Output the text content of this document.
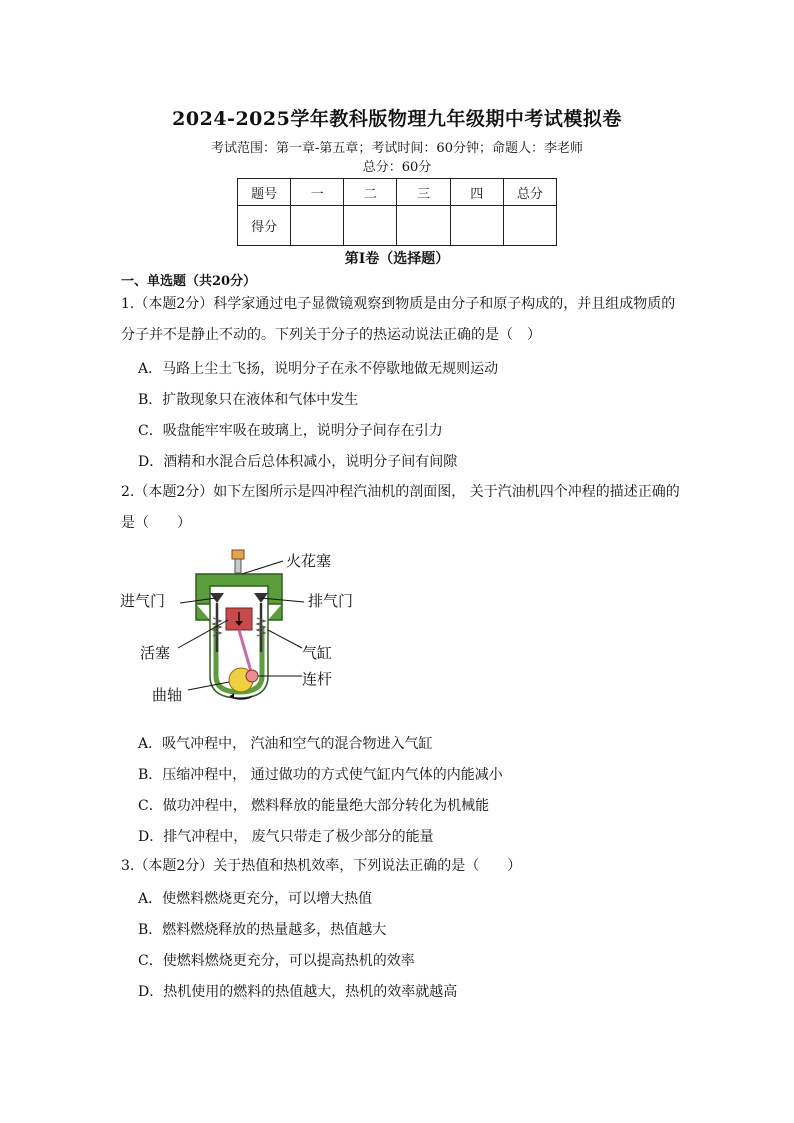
2024-2025学年教科版物理九年级期中考试模拟卷
考试范围：第一章-第五章；考试时间：60分钟；命题人：李老师
总分：60分
题号	一	二	三	四	总分
得分					
第Ⅰ卷（选择题）
一、单选题（共20分）
1.（本题2分）科学家通过电子显微镜观察到物质是由分子和原子构成的，并且组成物质的分子并不是静止不动的。下列关于分子的热运动说法正确的是（　）
A．马路上尘土飞扬，说明分子在永不停歇地做无规则运动
B．扩散现象只在液体和气体中发生
C．吸盘能牢牢吸在玻璃上，说明分子间存在引力
D．酒精和水混合后总体积减小，说明分子间有间隙
2.（本题2分）如下左图所示是四冲程汽油机的剖面图， 关于汽油机四个冲程的描述正确的是（　　）
火花塞
进气门	排气门
活塞	气缸
连杆
曲轴
A．吸气冲程中， 汽油和空气的混合物进入气缸
B．压缩冲程中， 通过做功的方式使气缸内气体的内能减小
C．做功冲程中， 燃料释放的能量绝大部分转化为机械能
D．排气冲程中， 废气只带走了极少部分的能量
3.（本题2分）关于热值和热机效率，下列说法正确的是（　　）
A．使燃料燃烧更充分，可以增大热值
B．燃料燃烧释放的热量越多，热值越大
C．使燃料燃烧更充分，可以提高热机的效率
D．热机使用的燃料的热值越大，热机的效率就越高
